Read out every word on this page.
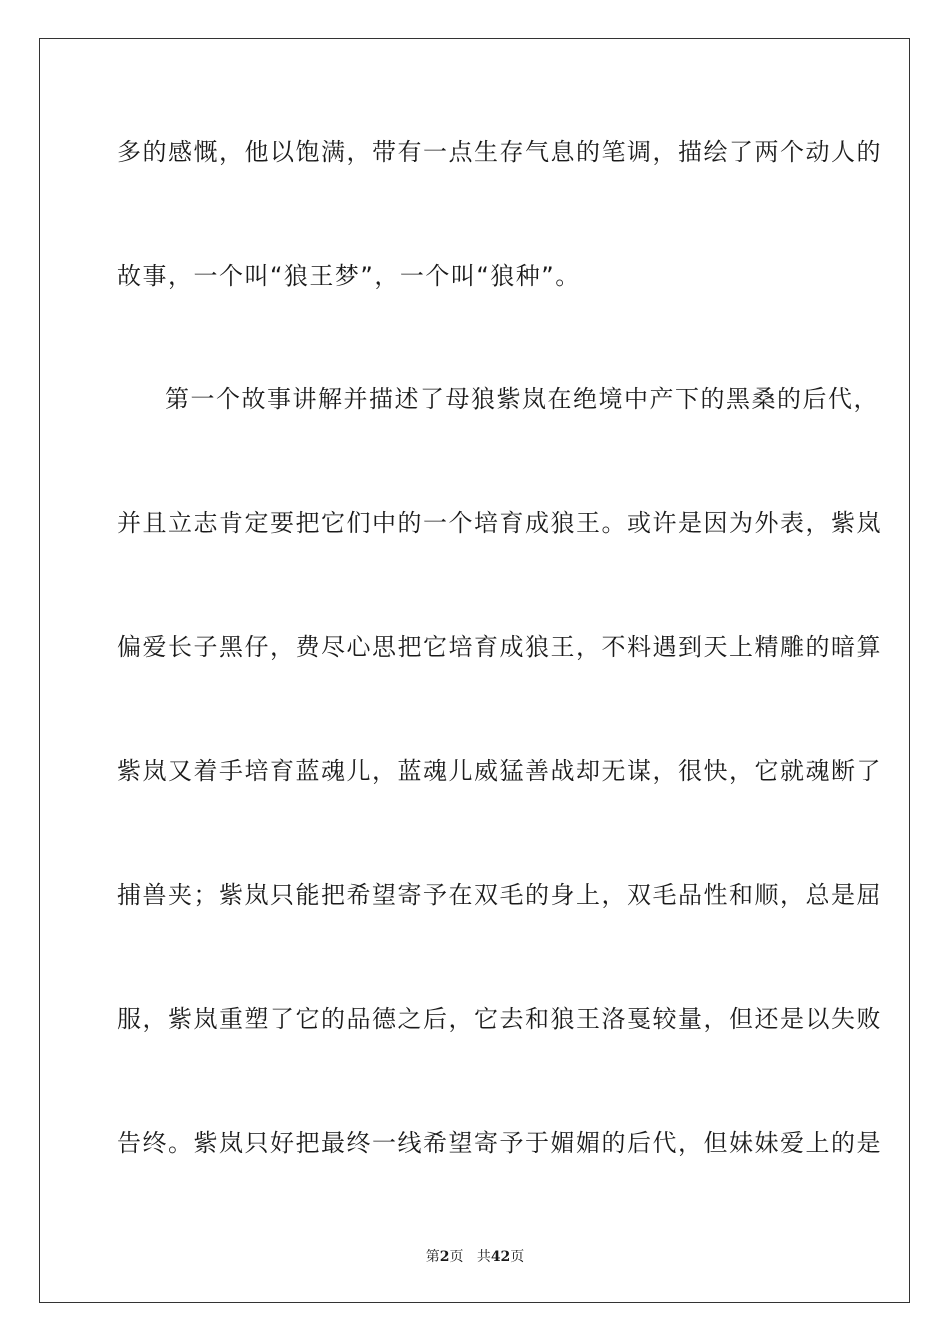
多的感慨，他以饱满，带有一点生存气息的笔调，描绘了两个动人的
故事，一个叫“狼王梦”，一个叫“狼种”。
第一个故事讲解并描述了母狼紫岚在绝境中产下的黑桑的后代，
并且立志肯定要把它们中的一个培育成狼王。或许是因为外表，紫岚
偏爱长子黑仔，费尽心思把它培育成狼王，不料遇到天上精雕的暗算
紫岚又着手培育蓝魂儿，蓝魂儿威猛善战却无谋，很快，它就魂断了
捕兽夹；紫岚只能把希望寄予在双毛的身上，双毛品性和顺，总是屈
服，紫岚重塑了它的品德之后，它去和狼王洛戛较量，但还是以失败
告终。紫岚只好把最终一线希望寄予于媚媚的后代，但妹妹爱上的是
第2页 共42页
